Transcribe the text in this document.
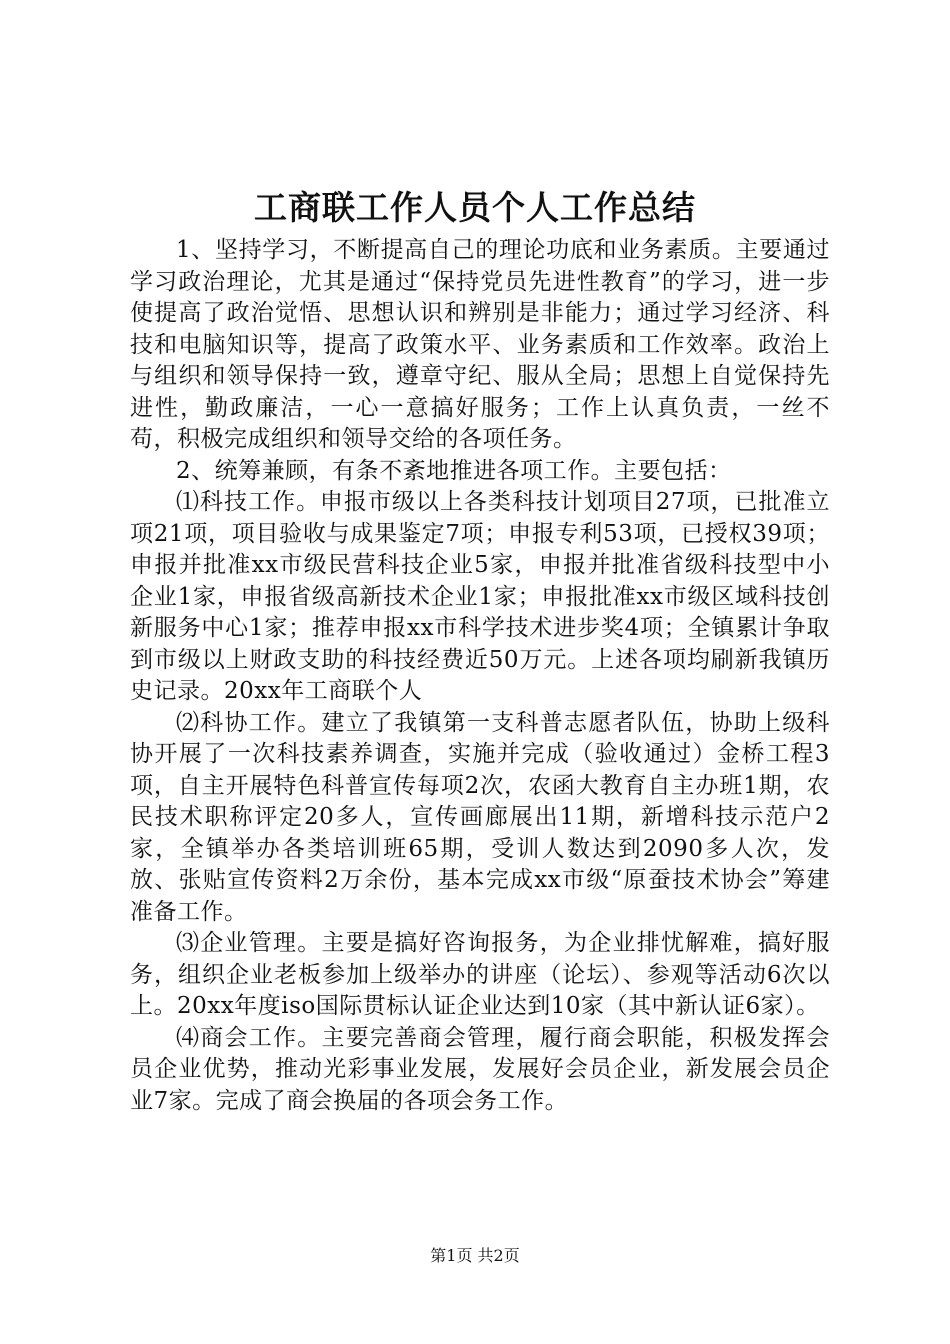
工商联工作人员个人工作总结

1、坚持学习，不断提高自己的理论功底和业务素质。主要通过学习政治理论，尤其是通过“保持党员先进性教育”的学习，进一步使提高了政治觉悟、思想认识和辨别是非能力；通过学习经济、科技和电脑知识等，提高了政策水平、业务素质和工作效率。政治上与组织和领导保持一致，遵章守纪、服从全局；思想上自觉保持先进性，勤政廉洁，一心一意搞好服务；工作上认真负责，一丝不苟，积极完成组织和领导交给的各项任务。

2、统筹兼顾，有条不紊地推进各项工作。主要包括：

⑴科技工作。申报市级以上各类科技计划项目27项，已批准立项21项，项目验收与成果鉴定7项；申报专利53项，已授权39项；申报并批准xx市级民营科技企业5家，申报并批准省级科技型中小企业1家，申报省级高新技术企业1家；申报批准xx市级区域科技创新服务中心1家；推荐申报xx市科学技术进步奖4项；全镇累计争取到市级以上财政支助的科技经费近50万元。上述各项均刷新我镇历史记录。20xx年工商联个人

⑵科协工作。建立了我镇第一支科普志愿者队伍，协助上级科协开展了一次科技素养调查，实施并完成（验收通过）金桥工程3项，自主开展特色科普宣传每项2次，农函大教育自主办班1期，农民技术职称评定20多人，宣传画廊展出11期，新增科技示范户2家，全镇举办各类培训班65期，受训人数达到2090多人次，发放、张贴宣传资料2万余份，基本完成xx市级“原蚕技术协会”筹建准备工作。

⑶企业管理。主要是搞好咨询报务，为企业排忧解难，搞好服务，组织企业老板参加上级举办的讲座（论坛）、参观等活动6次以上。20xx年度iso国际贯标认证企业达到10家（其中新认证6家）。

⑷商会工作。主要完善商会管理，履行商会职能，积极发挥会员企业优势，推动光彩事业发展，发展好会员企业，新发展会员企业7家。完成了商会换届的各项会务工作。

第1页 共2页
